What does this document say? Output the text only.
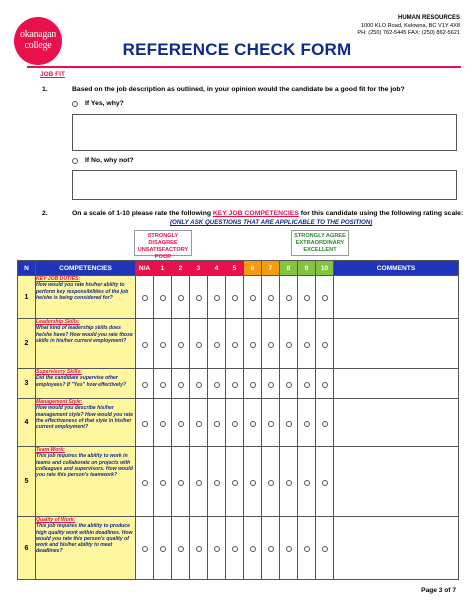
okanagan
college
HUMAN RESOURCES
1000 KLO Road, Kelowna, BC V1Y 4X8
PH: (250) 762-5445 FAX: (250) 862-5621
REFERENCE CHECK FORM
JOB FIT
1.	Based on the job description as outlined, in your opinion would the candidate be a good fit for the job?
If Yes, why?
If No, why not?
2.	On a scale of 1-10 please rate the following KEY JOB COMPETENCIES for this candidate using the following rating scale:
(ONLY ASK QUESTIONS THAT ARE APPLICABLE TO THE POSITION)
STRONGLY DISAGREE
UNSATISFACTORY
POOR
STRONGLY AGREE
EXTRAORDINARY
EXCELLENT
N	COMPETENCIES	N/A	1	2	3	4	5	6	7	8	9	10	COMMENTS
1	KEY JOB DUTIES:
How would you rate his/her ability to perform key responsibilities of the job he/she is being considered for?												
2	Leadership Skills:
What kind of leadership skills does he/she have? How would you rate those skills in his/her current employment?												
3	Supervisory Skills:
Did the candidate supervise other employees? If "Yes" how effectively?												
4	Management Style:
How would you describe his/her management style? How would you rate the effectiveness of that style in his/her current employment?												
5	Team Work:
This job requires the ability to work in teams and collaborate on projects with colleagues and supervisors. How would you rate this person's teamwork?												
6	Quality of Work:
This job requires the ability to produce high quality work within deadlines. How would you rate this person's quality of work and his/her ability to meet deadlines?												
Page 3 of 7
